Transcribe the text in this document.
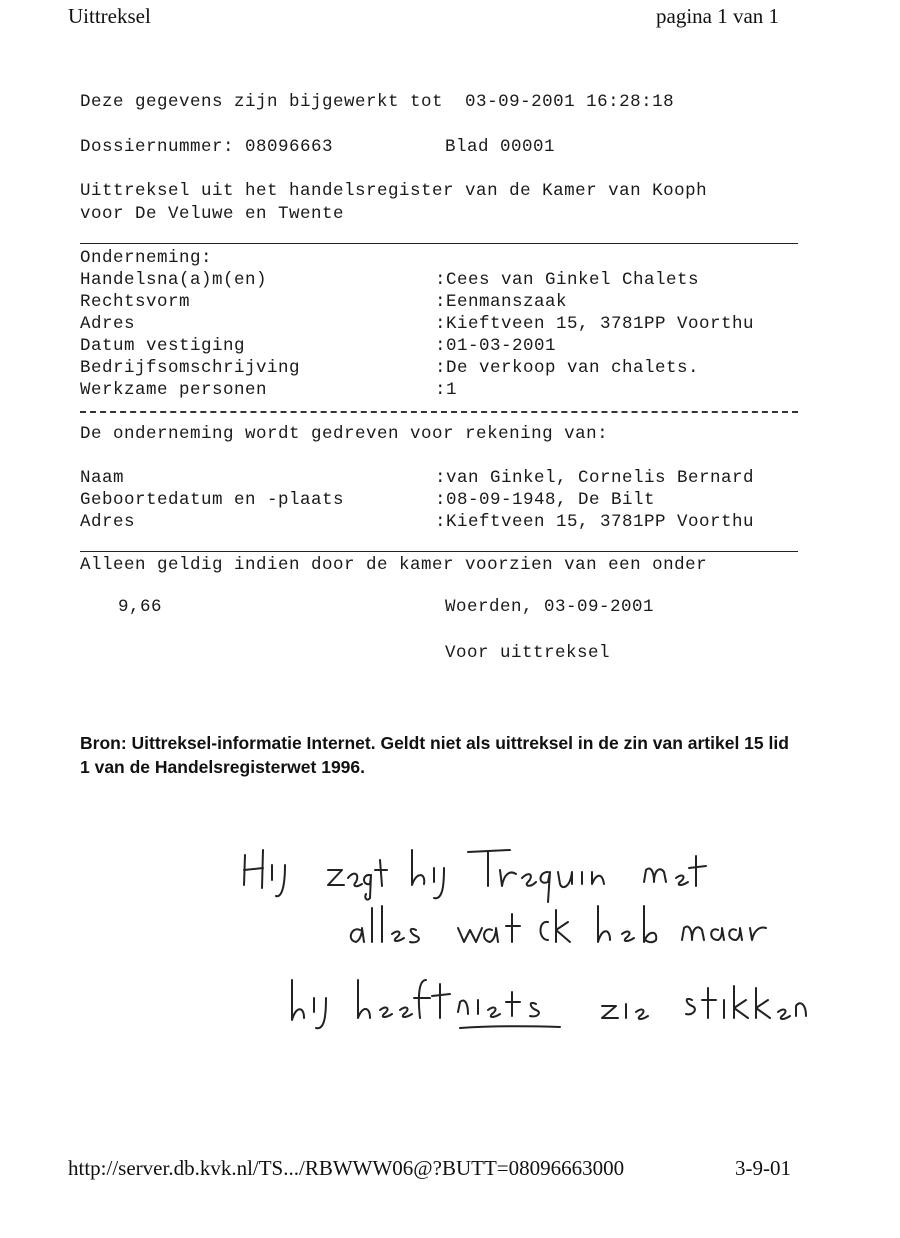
Uittreksel	pagina 1 van 1
Deze gegevens zijn bijgewerkt tot  03-09-2001 16:28:18
Dossiernummer: 08096663	Blad 00001
Uittreksel uit het handelsregister van de Kamer van Kooph
voor De Veluwe en Twente
Onderneming:
Handelsna(a)m(en)	:Cees van Ginkel Chalets
Rechtsvorm	:Eenmanszaak
Adres	:Kieftveen 15, 3781PP Voorthu
Datum vestiging	:01-03-2001
Bedrijfsomschrijving	:De verkoop van chalets.
Werkzame personen	:1
De onderneming wordt gedreven voor rekening van:
Naam	:van Ginkel, Cornelis Bernard
Geboortedatum en -plaats	:08-09-1948, De Bilt
Adres	:Kieftveen 15, 3781PP Voorthu
Alleen geldig indien door de kamer voorzien van een onder
9,66	Woerden, 03-09-2001
Voor uittreksel
Bron: Uittreksel-informatie Internet. Geldt niet als uittreksel in de zin van artikel 15 lid 1 van de Handelsregisterwet 1996.
Hij zegt bij Trequin met
alles wat ik heb maar
hij heeft niets zie stikken
http://server.db.kvk.nl/TS.../RBWWW06@?BUTT=08096663000	3-9-01
